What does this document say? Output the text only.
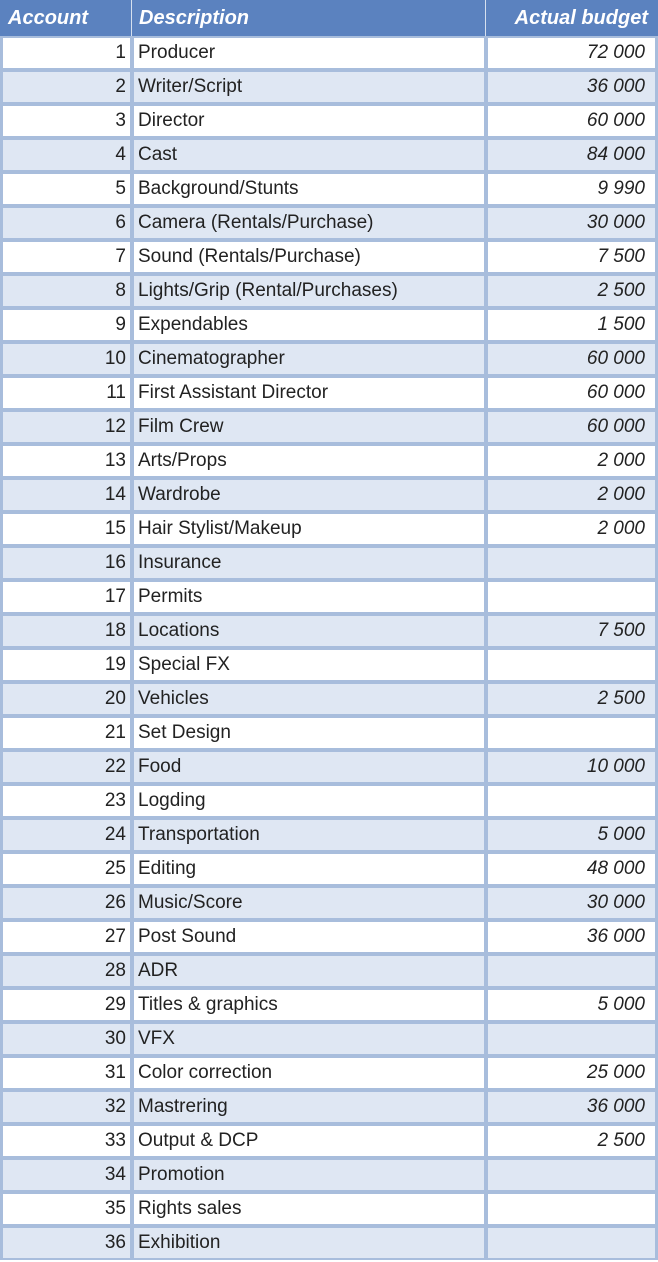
Account	Description	Actual budget
1	Producer	72 000
2	Writer/Script	36 000
3	Director	60 000
4	Cast	84 000
5	Background/Stunts	9 990
6	Camera (Rentals/Purchase)	30 000
7	Sound (Rentals/Purchase)	7 500
8	Lights/Grip (Rental/Purchases)	2 500
9	Expendables	1 500
10	Cinematographer	60 000
11	First Assistant Director	60 000
12	Film Crew	60 000
13	Arts/Props	2 000
14	Wardrobe	2 000
15	Hair Stylist/Makeup	2 000
16	Insurance	
17	Permits	
18	Locations	7 500
19	Special FX	
20	Vehicles	2 500
21	Set Design	
22	Food	10 000
23	Logding	
24	Transportation	5 000
25	Editing	48 000
26	Music/Score	30 000
27	Post Sound	36 000
28	ADR	
29	Titles & graphics	5 000
30	VFX	
31	Color correction	25 000
32	Mastrering	36 000
33	Output & DCP	2 500
34	Promotion	
35	Rights sales	
36	Exhibition	
